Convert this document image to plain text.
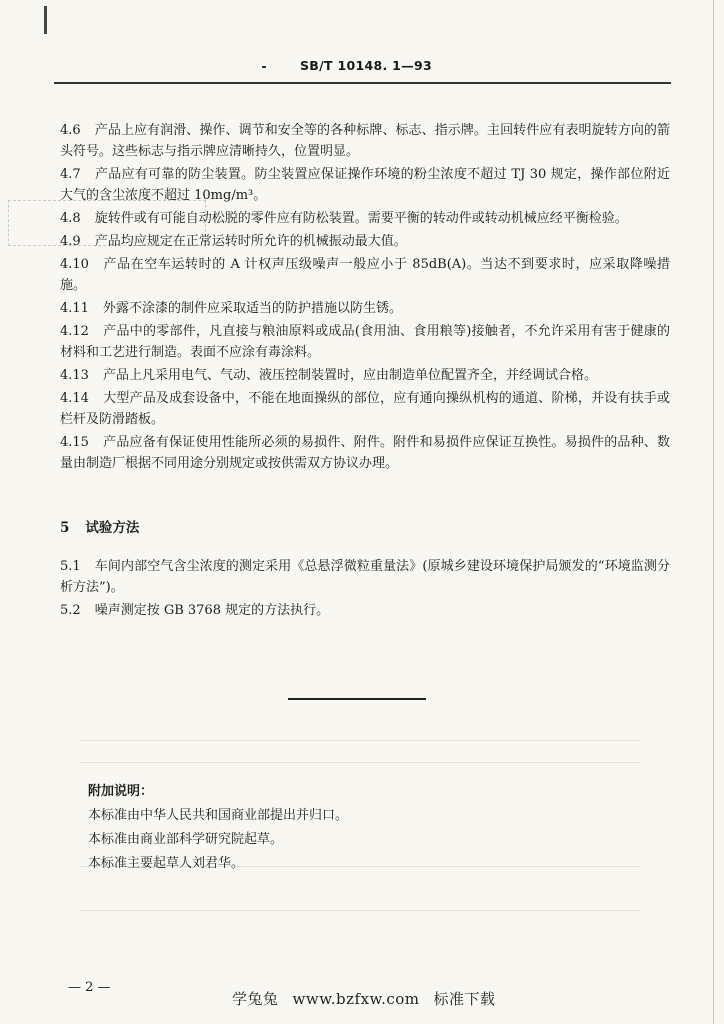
SB/T 10148. 1—93

4.6 产品上应有润滑、操作、调节和安全等的各种标牌、标志、指示牌。主回转件应有表明旋转方向的箭头符号。这些标志与指示牌应清晰持久，位置明显。

4.7 产品应有可靠的防尘装置。防尘装置应保证操作环境的粉尘浓度不超过 TJ 30 规定，操作部位附近大气的含尘浓度不超过 10mg/m³。

4.8 旋转件或有可能自动松脱的零件应有防松装置。需要平衡的转动件或转动机械应经平衡检验。

4.9 产品均应规定在正常运转时所允许的机械振动最大值。

4.10 产品在空车运转时的 A 计权声压级噪声一般应小于 85dB(A)。当达不到要求时，应采取降噪措施。

4.11 外露不涂漆的制件应采取适当的防护措施以防生锈。

4.12 产品中的零部件，凡直接与粮油原料或成品(食用油、食用粮等)接触者，不允许采用有害于健康的材料和工艺进行制造。表面不应涂有毒涂料。

4.13 产品上凡采用电气、气动、液压控制装置时，应由制造单位配置齐全，并经调试合格。

4.14 大型产品及成套设备中，不能在地面操纵的部位，应有通向操纵机构的通道、阶梯，并设有扶手或栏杆及防滑踏板。

4.15 产品应备有保证使用性能所必须的易损件、附件。附件和易损件应保证互换性。易损件的品种、数量由制造厂根据不同用途分别规定或按供需双方协议办理。

5 试验方法

5.1 车间内部空气含尘浓度的测定采用《总悬浮微粒重量法》(原城乡建设环境保护局颁发的“环境监测分析方法”)。

5.2 噪声测定按 GB 3768 规定的方法执行。

附加说明：
本标准由中华人民共和国商业部提出并归口。
本标准由商业部科学研究院起草。
本标准主要起草人刘君华。
— 2 —
学兔兔 www.bzfxw.com 标准下载
